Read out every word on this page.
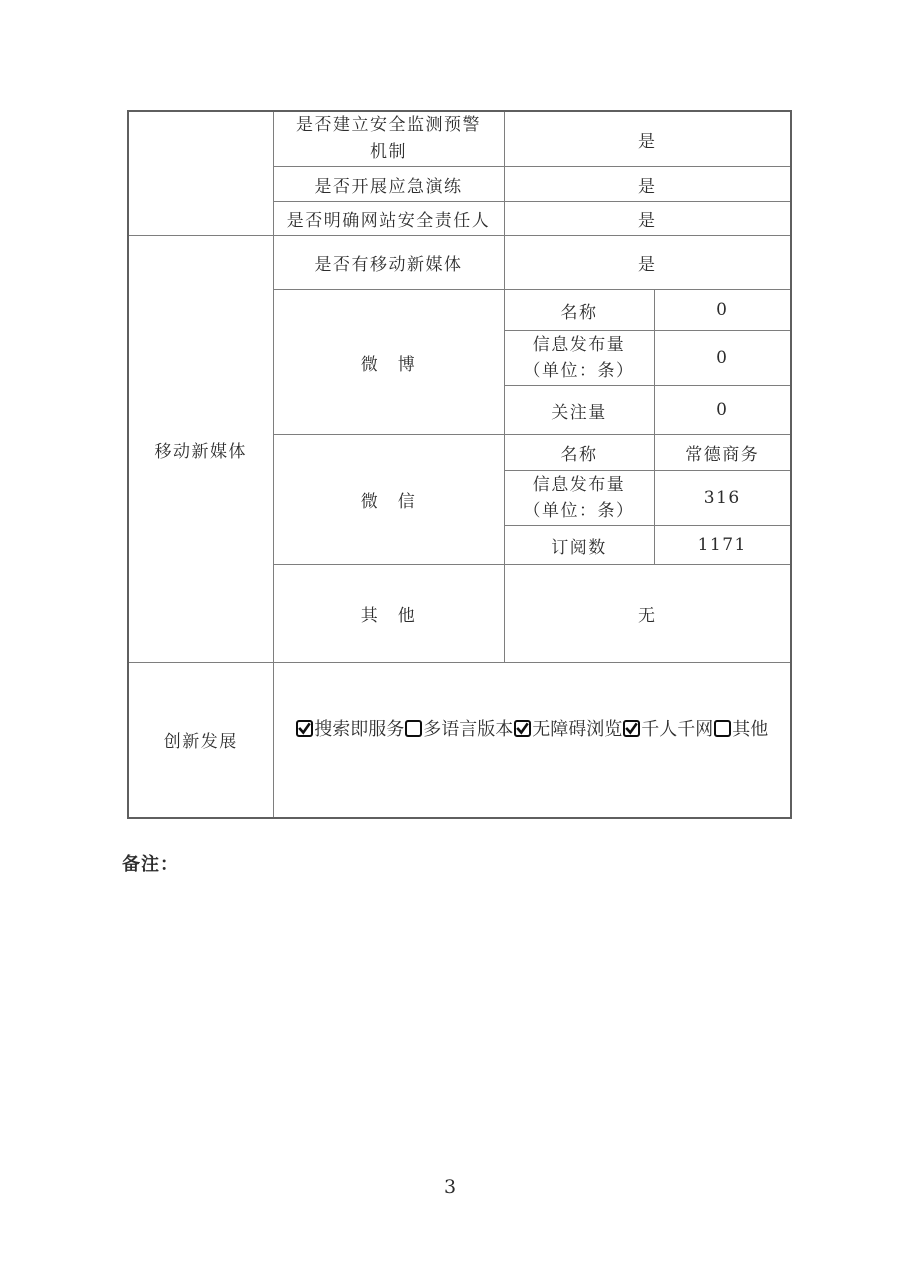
	是否建立安全监测预警机制	是	
	是否开展应急演练	是	
	是否明确网站安全责任人	是	
移动新媒体	是否有移动新媒体	是	
	微　博	名称	0

		信息发布量
（单位：条）	0
		关注量	0
	微　信	名称	常德商务

		信息发布量
（单位：条）	316
		订阅数	1171
	其　他	无	
创新发展	搜索即服务 多语言版本 无障碍浏览 千人千网 其他		
备注：
3
